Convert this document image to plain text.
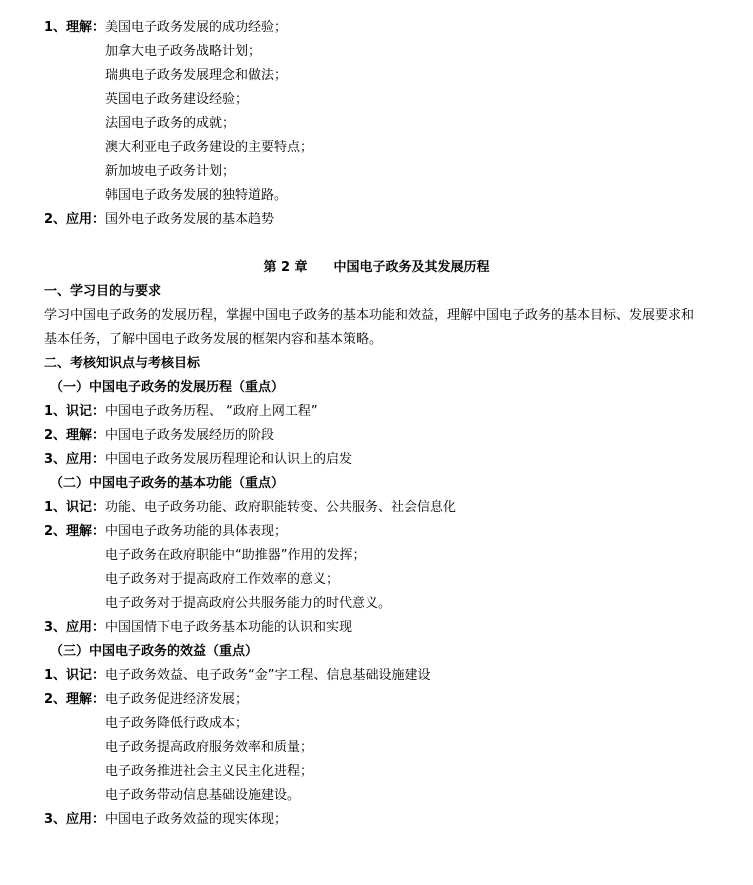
1、理解： 美国电子政务发展的成功经验；
加拿大电子政务战略计划；
瑞典电子政务发展理念和做法；
英国电子政务建设经验；
法国电子政务的成就；
澳大利亚电子政务建设的主要特点；
新加坡电子政务计划；
韩国电子政务发展的独特道路。
2、应用： 国外电子政务发展的基本趋势
第 2 章 中国电子政务及其发展历程
一、学习目的与要求
学习中国电子政务的发展历程，掌握中国电子政务的基本功能和效益，理解中国电子政务的基本目标、发展要求和
基本任务，了解中国电子政务发展的框架内容和基本策略。
二、考核知识点与考核目标
（一）中国电子政务的发展历程（重点）
1、识记： 中国电子政务历程、 “政府上网工程”
2、理解： 中国电子政务发展经历的阶段
3、应用： 中国电子政务发展历程理论和认识上的启发
（二）中国电子政务的基本功能（重点）
1、识记： 功能、电子政务功能、政府职能转变、公共服务、社会信息化
2、理解： 中国电子政务功能的具体表现；
电子政务在政府职能中“助推器”作用的发挥；
电子政务对于提高政府工作效率的意义；
电子政务对于提高政府公共服务能力的时代意义。
3、应用： 中国国情下电子政务基本功能的认识和实现
（三）中国电子政务的效益（重点）
1、识记： 电子政务效益、电子政务“金”字工程、信息基础设施建设
2、理解： 电子政务促进经济发展；
电子政务降低行政成本；
电子政务提高政府服务效率和质量；
电子政务推进社会主义民主化进程；
电子政务带动信息基础设施建设。
3、应用： 中国电子政务效益的现实体现；
